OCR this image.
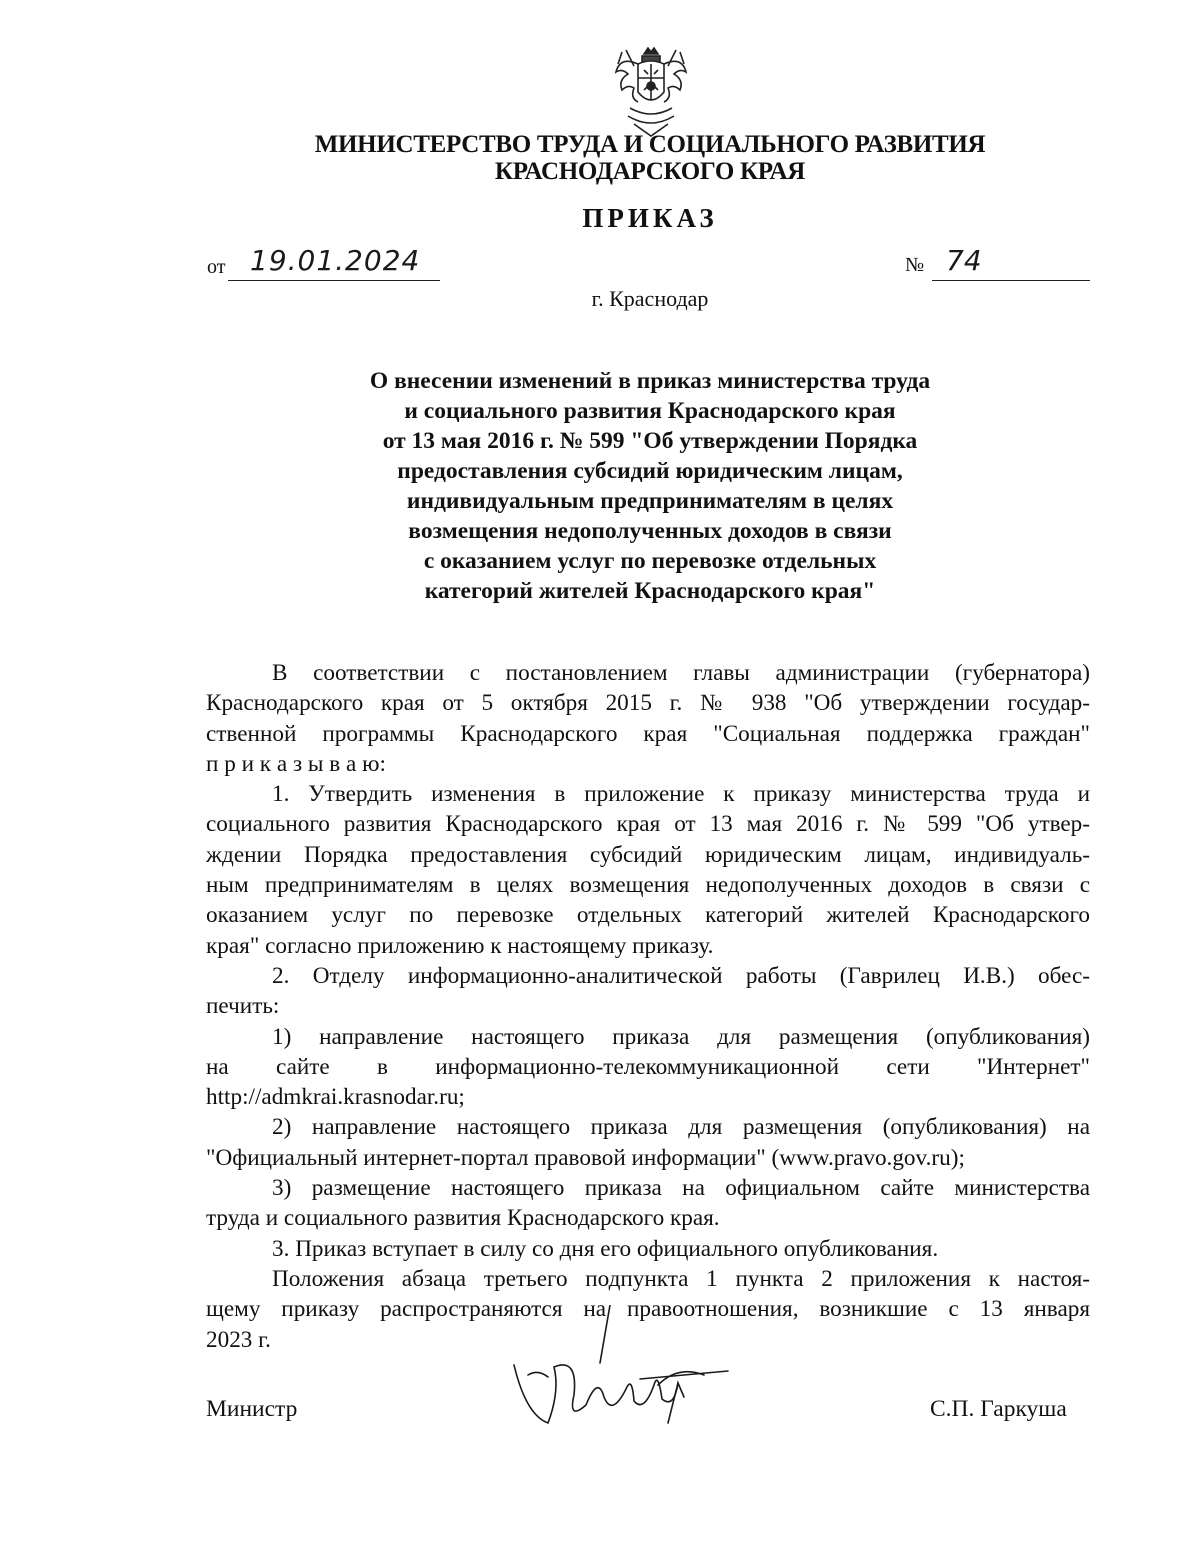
МИНИСТЕРСТВО ТРУДА И СОЦИАЛЬНОГО РАЗВИТИЯ
КРАСНОДАРСКОГО КРАЯ
ПРИКАЗ
от 19.01.2024	№ 74
г. Краснодар
О внесении изменений в приказ министерства труда
и социального развития Краснодарского края
от 13 мая 2016 г. № 599 "Об утверждении Порядка
предоставления субсидий юридическим лицам,
индивидуальным предпринимателям в целях
возмещения недополученных доходов в связи
с оказанием услуг по перевозке отдельных
категорий жителей Краснодарского края"
В соответствии с постановлением главы администрации (губернатора)
Краснодарского края от 5 октября 2015 г. № 938 "Об утверждении государ-
ственной программы Краснодарского края "Социальная поддержка граждан"
п р и к а з ы в а ю:
1. Утвердить изменения в приложение к приказу министерства труда и
социального развития Краснодарского края от 13 мая 2016 г. № 599 "Об утвер-
ждении Порядка предоставления субсидий юридическим лицам, индивидуаль-
ным предпринимателям в целях возмещения недополученных доходов в связи с
оказанием услуг по перевозке отдельных категорий жителей Краснодарского
края" согласно приложению к настоящему приказу.
2. Отделу информационно-аналитической работы (Гаврилец И.В.) обес-
печить:
1) направление настоящего приказа для размещения (опубликования)
на сайте в информационно-телекоммуникационной сети "Интернет"
http://admkrai.krasnodar.ru;
2) направление настоящего приказа для размещения (опубликования) на
"Официальный интернет-портал правовой информации" (www.pravo.gov.ru);
3) размещение настоящего приказа на официальном сайте министерства
труда и социального развития Краснодарского края.
3. Приказ вступает в силу со дня его официального опубликования.
Положения абзаца третьего подпункта 1 пункта 2 приложения к настоя-
щему приказу распространяются на правоотношения, возникшие с 13 января
2023 г.
Министр	С.П. Гаркуша
